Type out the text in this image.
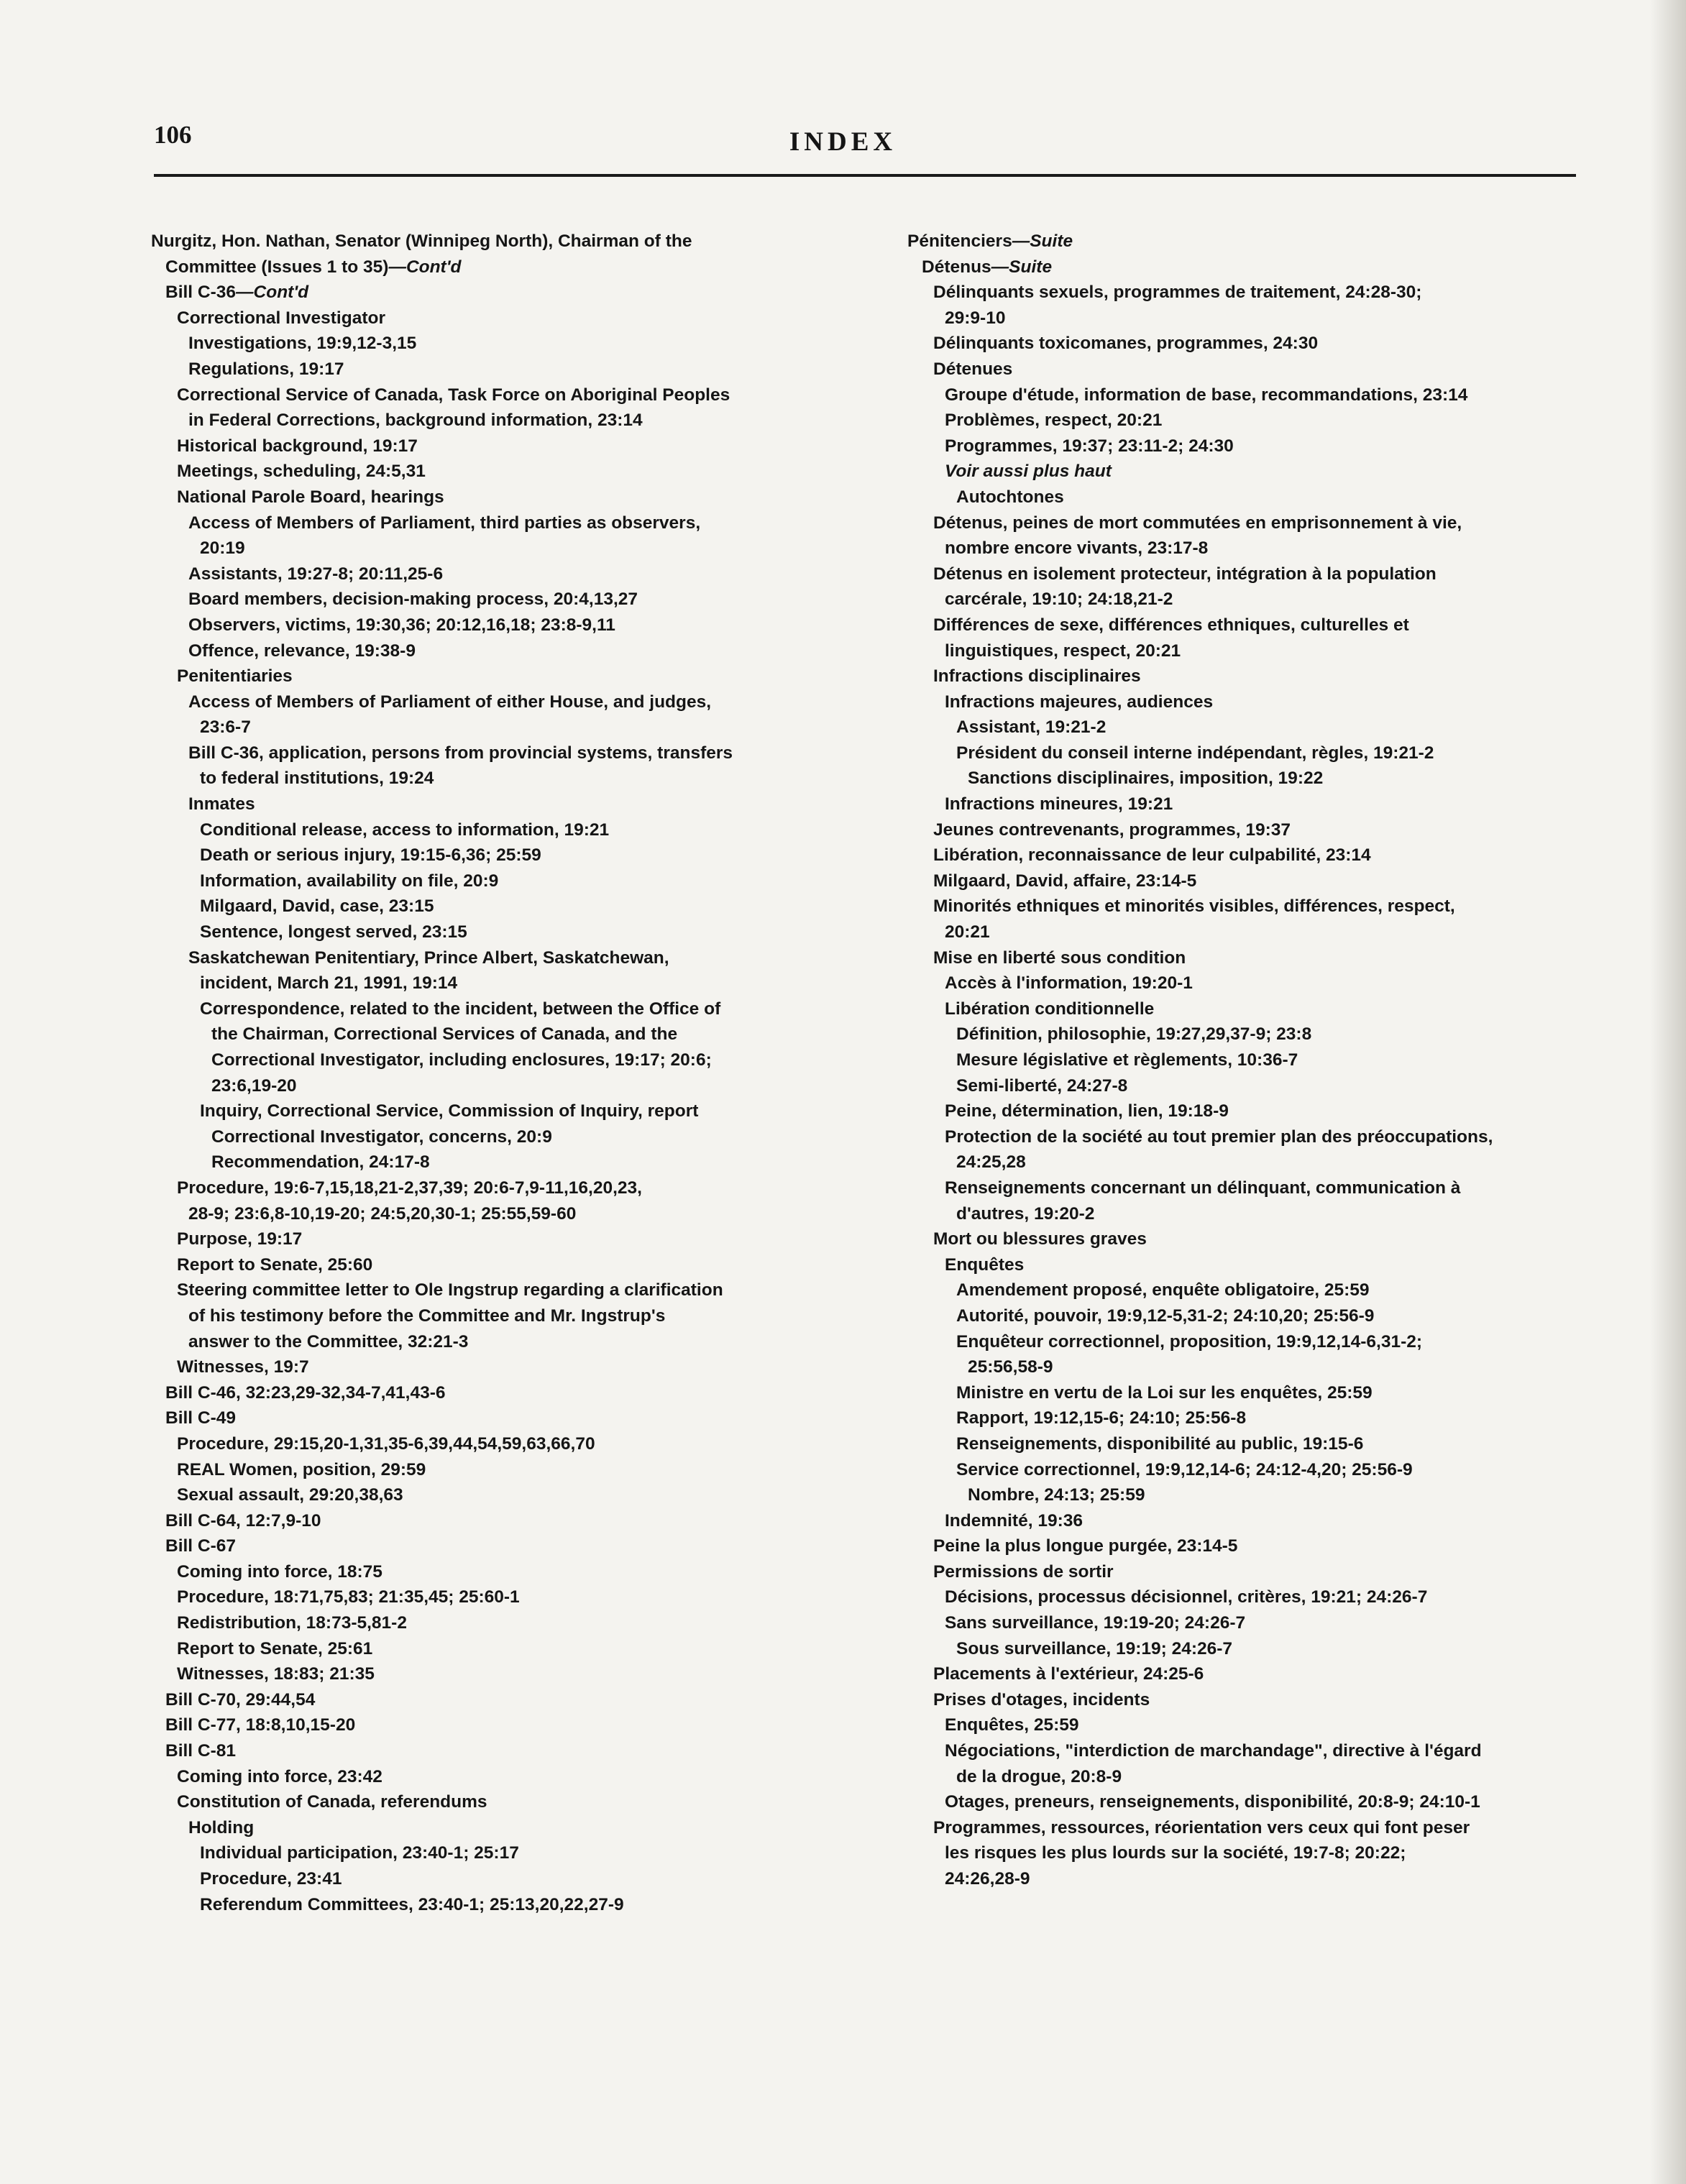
106	INDEX
Nurgitz, Hon. Nathan, Senator (Winnipeg North), Chairman of the
Committee (Issues 1 to 35)—Cont'd
Bill C-36—Cont'd
Correctional Investigator
Investigations, 19:9,12-3,15
Regulations, 19:17
Correctional Service of Canada, Task Force on Aboriginal Peoples
in Federal Corrections, background information, 23:14
Historical background, 19:17
Meetings, scheduling, 24:5,31
National Parole Board, hearings
Access of Members of Parliament, third parties as observers,
20:19
Assistants, 19:27-8; 20:11,25-6
Board members, decision-making process, 20:4,13,27
Observers, victims, 19:30,36; 20:12,16,18; 23:8-9,11
Offence, relevance, 19:38-9
Penitentiaries
Access of Members of Parliament of either House, and judges,
23:6-7
Bill C-36, application, persons from provincial systems, transfers
to federal institutions, 19:24
Inmates
Conditional release, access to information, 19:21
Death or serious injury, 19:15-6,36; 25:59
Information, availability on file, 20:9
Milgaard, David, case, 23:15
Sentence, longest served, 23:15
Saskatchewan Penitentiary, Prince Albert, Saskatchewan,
incident, March 21, 1991, 19:14
Correspondence, related to the incident, between the Office of
the Chairman, Correctional Services of Canada, and the
Correctional Investigator, including enclosures, 19:17; 20:6;
23:6,19-20
Inquiry, Correctional Service, Commission of Inquiry, report
Correctional Investigator, concerns, 20:9
Recommendation, 24:17-8
Procedure, 19:6-7,15,18,21-2,37,39; 20:6-7,9-11,16,20,23,
28-9; 23:6,8-10,19-20; 24:5,20,30-1; 25:55,59-60
Purpose, 19:17
Report to Senate, 25:60
Steering committee letter to Ole Ingstrup regarding a clarification
of his testimony before the Committee and Mr. Ingstrup's
answer to the Committee, 32:21-3
Witnesses, 19:7
Bill C-46, 32:23,29-32,34-7,41,43-6
Bill C-49
Procedure, 29:15,20-1,31,35-6,39,44,54,59,63,66,70
REAL Women, position, 29:59
Sexual assault, 29:20,38,63
Bill C-64, 12:7,9-10
Bill C-67
Coming into force, 18:75
Procedure, 18:71,75,83; 21:35,45; 25:60-1
Redistribution, 18:73-5,81-2
Report to Senate, 25:61
Witnesses, 18:83; 21:35
Bill C-70, 29:44,54
Bill C-77, 18:8,10,15-20
Bill C-81
Coming into force, 23:42
Constitution of Canada, referendums
Holding
Individual participation, 23:40-1; 25:17
Procedure, 23:41
Referendum Committees, 23:40-1; 25:13,20,22,27-9
Pénitenciers—Suite
Détenus—Suite
Délinquants sexuels, programmes de traitement, 24:28-30;
29:9-10
Délinquants toxicomanes, programmes, 24:30
Détenues
Groupe d'étude, information de base, recommandations, 23:14
Problèmes, respect, 20:21
Programmes, 19:37; 23:11-2; 24:30
Voir aussi plus haut
Autochtones
Détenus, peines de mort commutées en emprisonnement à vie,
nombre encore vivants, 23:17-8
Détenus en isolement protecteur, intégration à la population
carcérale, 19:10; 24:18,21-2
Différences de sexe, différences ethniques, culturelles et
linguistiques, respect, 20:21
Infractions disciplinaires
Infractions majeures, audiences
Assistant, 19:21-2
Président du conseil interne indépendant, règles, 19:21-2
Sanctions disciplinaires, imposition, 19:22
Infractions mineures, 19:21
Jeunes contrevenants, programmes, 19:37
Libération, reconnaissance de leur culpabilité, 23:14
Milgaard, David, affaire, 23:14-5
Minorités ethniques et minorités visibles, différences, respect,
20:21
Mise en liberté sous condition
Accès à l'information, 19:20-1
Libération conditionnelle
Définition, philosophie, 19:27,29,37-9; 23:8
Mesure législative et règlements, 10:36-7
Semi-liberté, 24:27-8
Peine, détermination, lien, 19:18-9
Protection de la société au tout premier plan des préoccupations,
24:25,28
Renseignements concernant un délinquant, communication à
d'autres, 19:20-2
Mort ou blessures graves
Enquêtes
Amendement proposé, enquête obligatoire, 25:59
Autorité, pouvoir, 19:9,12-5,31-2; 24:10,20; 25:56-9
Enquêteur correctionnel, proposition, 19:9,12,14-6,31-2;
25:56,58-9
Ministre en vertu de la Loi sur les enquêtes, 25:59
Rapport, 19:12,15-6; 24:10; 25:56-8
Renseignements, disponibilité au public, 19:15-6
Service correctionnel, 19:9,12,14-6; 24:12-4,20; 25:56-9
Nombre, 24:13; 25:59
Indemnité, 19:36
Peine la plus longue purgée, 23:14-5
Permissions de sortir
Décisions, processus décisionnel, critères, 19:21; 24:26-7
Sans surveillance, 19:19-20; 24:26-7
Sous surveillance, 19:19; 24:26-7
Placements à l'extérieur, 24:25-6
Prises d'otages, incidents
Enquêtes, 25:59
Négociations, "interdiction de marchandage", directive à l'égard
de la drogue, 20:8-9
Otages, preneurs, renseignements, disponibilité, 20:8-9; 24:10-1
Programmes, ressources, réorientation vers ceux qui font peser
les risques les plus lourds sur la société, 19:7-8; 20:22;
24:26,28-9
